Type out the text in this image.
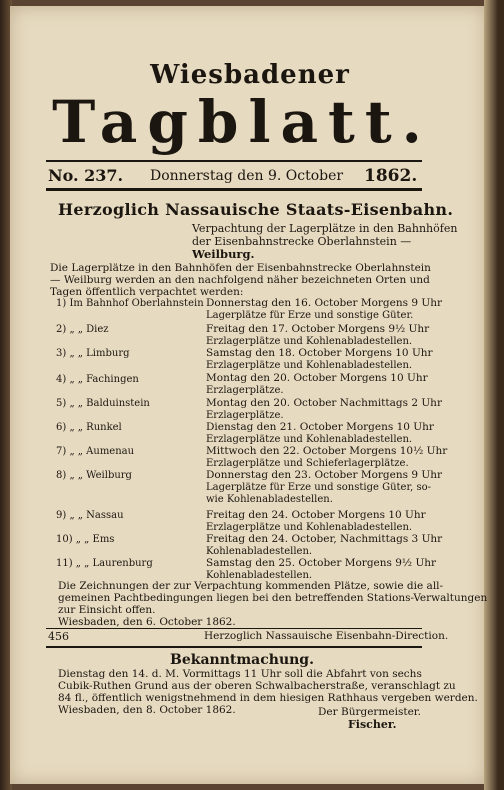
Wiesbadener
Tagblatt.
No. 237. Donnerstag den 9. October 1862.
Herzoglich Nassauische Staats-Eisenbahn.
Verpachtung der Lagerplätze in den Bahnhöfen
der Eisenbahnstrecke Oberlahnstein —
Weilburg.
Die Lagerplätze in den Bahnhöfen der Eisenbahnstrecke Oberlahnstein
— Weilburg werden an den nachfolgend näher bezeichneten Orten und
Tagen öffentlich verpachtet werden:
1) Im Bahnhof Oberlahnstein Donnerstag den 16. October Morgens 9 Uhr
Lagerplätze für Erze und sonstige Güter.
2) „ „ Diez	Freitag den 17. October Morgens 9½ Uhr
Erzlagerplätze und Kohlenabladestellen.
3) „ „ Limburg	Samstag den 18. October Morgens 10 Uhr
Erzlagerplätze und Kohlenabladestellen.
4) „ „ Fachingen	Montag den 20. October Morgens 10 Uhr
Erzlagerplätze.
5) „ „ Balduinstein	Montag den 20. October Nachmittags 2 Uhr
Erzlagerplätze.
6) „ „ Runkel	Dienstag den 21. October Morgens 10 Uhr
Erzlagerplätze und Kohlenabladestellen.
7) „ „ Aumenau	Mittwoch den 22. October Morgens 10½ Uhr
Erzlagerplätze und Schieferlagerplätze.
8) „ „ Weilburg	Donnerstag den 23. October Morgens 9 Uhr
Lagerplätze für Erze und sonstige Güter, so-
wie Kohlenabladestellen.
9) „ „ Nassau	Freitag den 24. October Morgens 10 Uhr
Erzlagerplätze und Kohlenabladestellen.
10) „ „ Ems	Freitag den 24. October, Nachmittags 3 Uhr
Kohlenabladestellen.
11) „ „ Laurenburg	Samstag den 25. October Morgens 9½ Uhr
Kohlenabladestellen.
Die Zeichnungen der zur Verpachtung kommenden Plätze, sowie die all-
gemeinen Pachtbedingungen liegen bei den betreffenden Stations-Verwaltungen
zur Einsicht offen.
Wiesbaden, den 6. October 1862.
456	Herzoglich Nassauische Eisenbahn-Direction.
Bekanntmachung.
Dienstag den 14. d. M. Vormittags 11 Uhr soll die Abfahrt von sechs
Cubik-Ruthen Grund aus der oberen Schwalbacherstraße, veranschlagt zu
84 fl., öffentlich wenigstnehmend in dem hiesigen Rathhaus vergeben werden.
Wiesbaden, den 8. October 1862.	Der Bürgermeister.
Fischer.
